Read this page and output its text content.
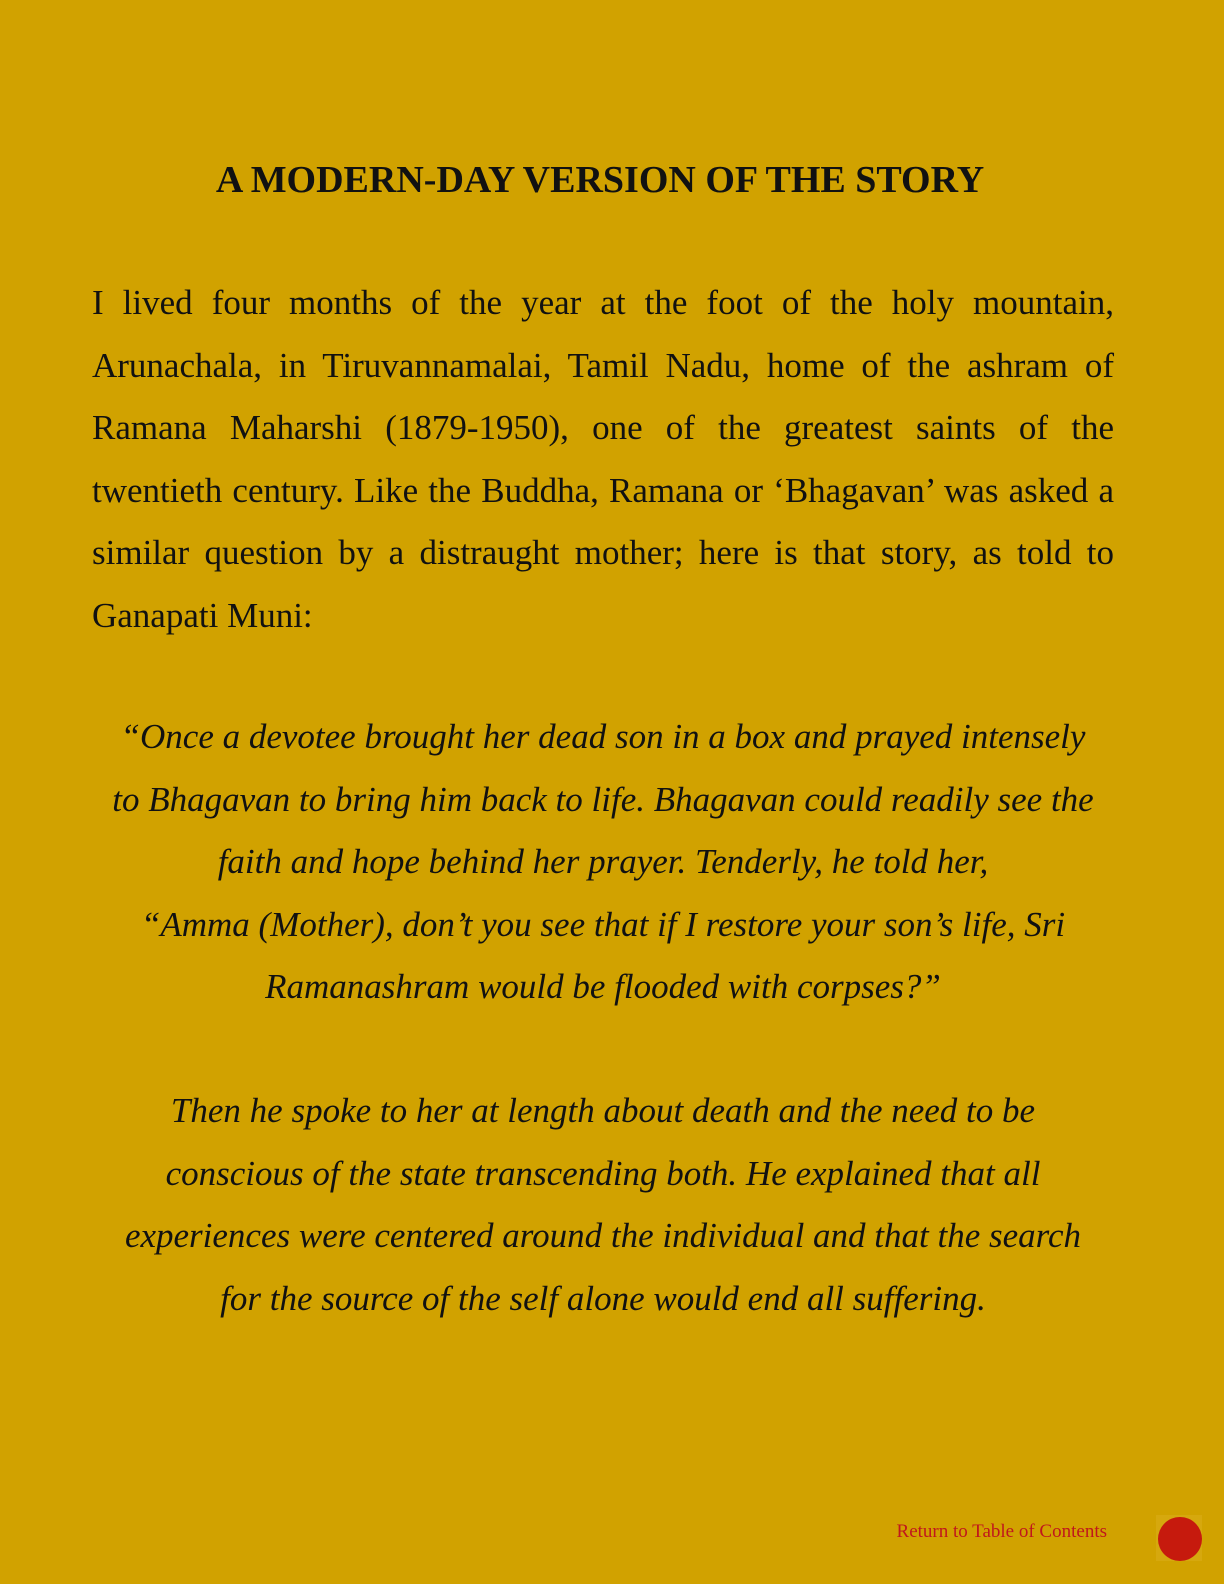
A MODERN-DAY VERSION OF THE STORY

I lived four months of the year at the foot of the holy mountain, Arunachala, in Tiruvannamalai, Tamil Nadu, home of the ashram of Ramana Maharshi (1879-1950), one of the greatest saints of the twentieth century. Like the Buddha, Ramana or ‘Bhagavan’ was asked a similar question by a distraught mother; here is that story, as told to Ganapati Muni:

“Once a devotee brought her dead son in a box and prayed intensely
to Bhagavan to bring him back to life. Bhagavan could readily see the
faith and hope behind her prayer. Tenderly, he told her,
“Amma (Mother), don’t you see that if I restore your son’s life, Sri
Ramanashram would be flooded with corpses?”

Then he spoke to her at length about death and the need to be
conscious of the state transcending both. He explained that all
experiences were centered around the individual and that the search
for the source of the self alone would end all suffering.

Return to Table of Contents
